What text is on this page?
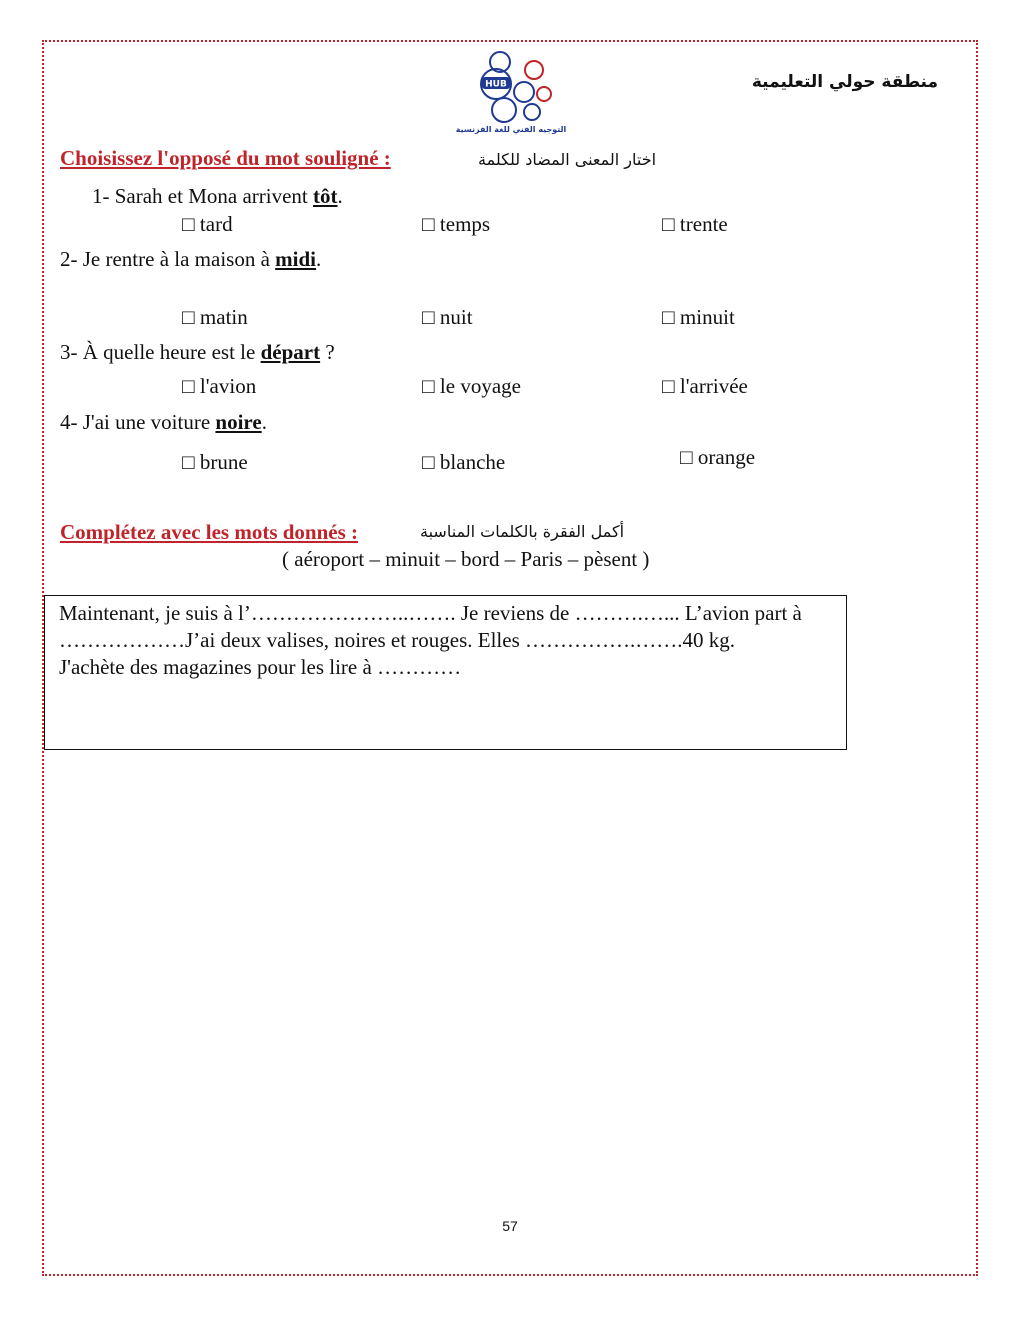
منطقة حولي التعليمية
HUB
التوجيه الفني للغة الفرنسية
Choisissez l'opposé du mot souligné :	اختار المعنى المضاد للكلمة
1- Sarah et Mona arrivent tôt.
□ tard	□ temps	□ trente
2- Je rentre à la maison à midi.
□ matin	□ nuit	□ minuit
3- À quelle heure est le départ ?
□ l'avion	□ le voyage	□ l'arrivée
4- J'ai une voiture noire.
□ brune	□ blanche	□ orange
Complétez avec les mots donnés :	أكمل الفقرة بالكلمات المناسبة
( aéroport – minuit – bord – Paris – pèsent )

Maintenant, je suis à l’…………………..……. Je reviens de ……….…... L’avion part à

………………J’ai deux valises, noires et rouges. Elles …………….…….40 kg.

J'achète des magazines pour les lire à …………

57
